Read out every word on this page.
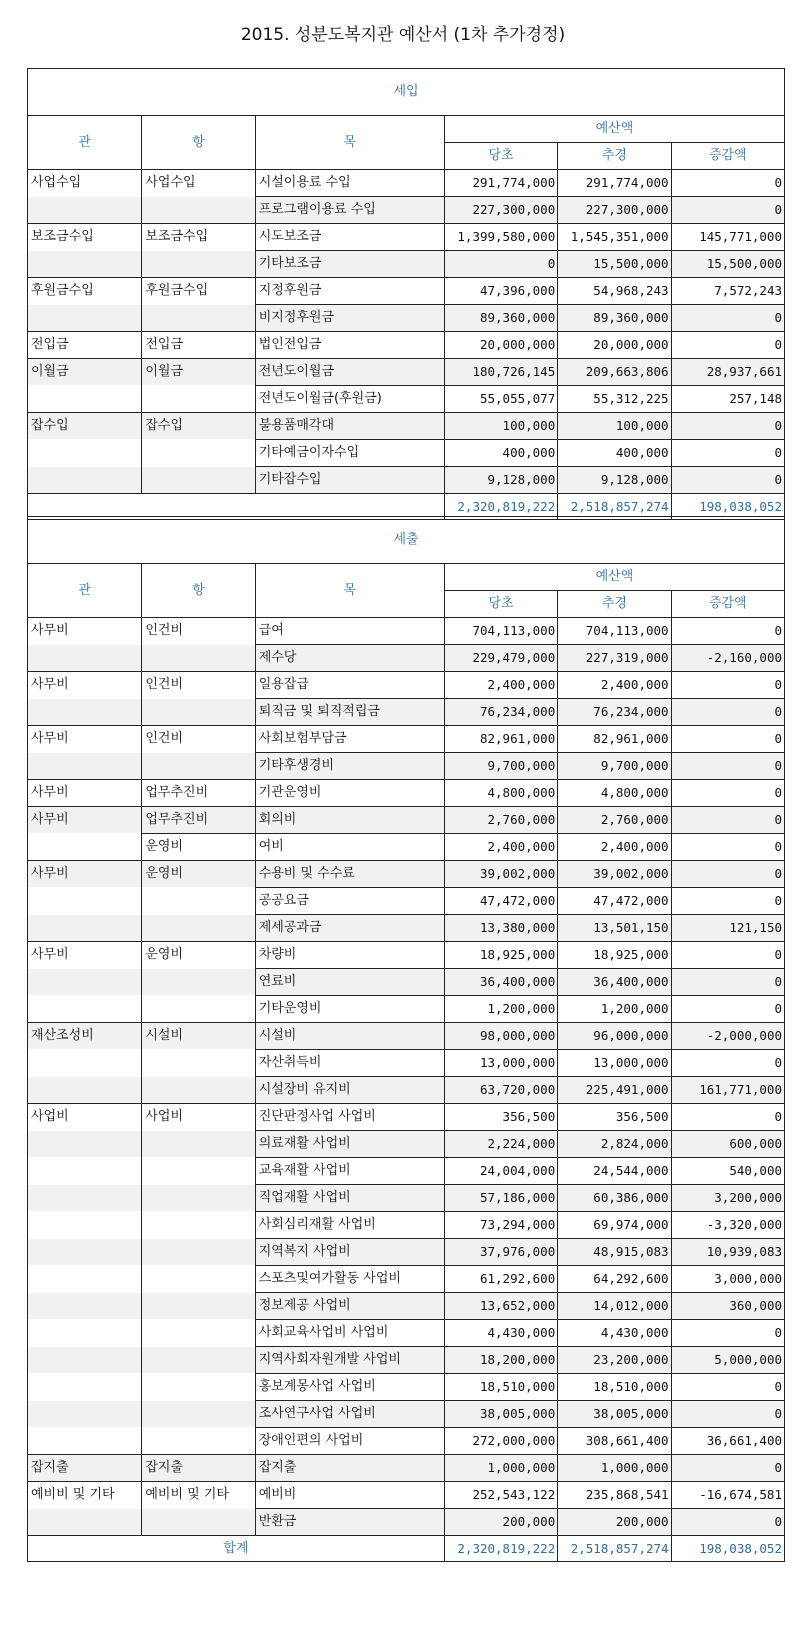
2015. 성분도복지관 예산서 (1차 추가경정)
세입					
관	항	목	예산액		
			당초	추경	증감액
사업수입	사업수입	시설이용료 수입	291,774,000	291,774,000	0
		프로그램이용료 수입	227,300,000	227,300,000	0
보조금수입	보조금수입	시도보조금	1,399,580,000	1,545,351,000	145,771,000
		기타보조금	0	15,500,000	15,500,000
후원금수입	후원금수입	지정후원금	47,396,000	54,968,243	7,572,243
		비지정후원금	89,360,000	89,360,000	0
전입금	전입금	법인전입금	20,000,000	20,000,000	0
이월금	이월금	전년도이월금	180,726,145	209,663,806	28,937,661
		전년도이월금(후원금)	55,055,077	55,312,225	257,148
잡수입	잡수입	불용품매각대	100,000	100,000	0
		기타예금이자수입	400,000	400,000	0
		기타잡수입	9,128,000	9,128,000	0
			2,320,819,222	2,518,857,274	198,038,052
세출					
관	항	목	예산액		
			당초	추경	증감액
사무비	인건비	급여	704,113,000	704,113,000	0
		제수당	229,479,000	227,319,000	-2,160,000
사무비	인건비	일용잡급	2,400,000	2,400,000	0
		퇴직금 및 퇴직적립금	76,234,000	76,234,000	0
사무비	인건비	사회보험부담금	82,961,000	82,961,000	0
		기타후생경비	9,700,000	9,700,000	0
사무비	업무추진비	기관운영비	4,800,000	4,800,000	0
사무비	업무추진비	회의비	2,760,000	2,760,000	0
	운영비	여비	2,400,000	2,400,000	0
사무비	운영비	수용비 및 수수료	39,002,000	39,002,000	0
		공공요금	47,472,000	47,472,000	0
		제세공과금	13,380,000	13,501,150	121,150
사무비	운영비	차량비	18,925,000	18,925,000	0
		연료비	36,400,000	36,400,000	0
		기타운영비	1,200,000	1,200,000	0
재산조성비	시설비	시설비	98,000,000	96,000,000	-2,000,000
		자산취득비	13,000,000	13,000,000	0
		시설장비 유지비	63,720,000	225,491,000	161,771,000
사업비	사업비	진단판정사업 사업비	356,500	356,500	0
		의료재활 사업비	2,224,000	2,824,000	600,000
		교육재활 사업비	24,004,000	24,544,000	540,000
		직업재활 사업비	57,186,000	60,386,000	3,200,000
		사회심리재활 사업비	73,294,000	69,974,000	-3,320,000
		지역복지 사업비	37,976,000	48,915,083	10,939,083
		스포츠및여가활동 사업비	61,292,600	64,292,600	3,000,000
		정보제공 사업비	13,652,000	14,012,000	360,000
		사회교육사업비 사업비	4,430,000	4,430,000	0
		지역사회자원개발 사업비	18,200,000	23,200,000	5,000,000
		홍보계몽사업 사업비	18,510,000	18,510,000	0
		조사연구사업 사업비	38,005,000	38,005,000	0
		장애인편의 사업비	272,000,000	308,661,400	36,661,400
잡지출	잡지출	잡지출	1,000,000	1,000,000	0
예비비 및 기타	예비비 및 기타	예비비	252,543,122	235,868,541	-16,674,581
		반환금	200,000	200,000	0
합계			2,320,819,222	2,518,857,274	198,038,052
